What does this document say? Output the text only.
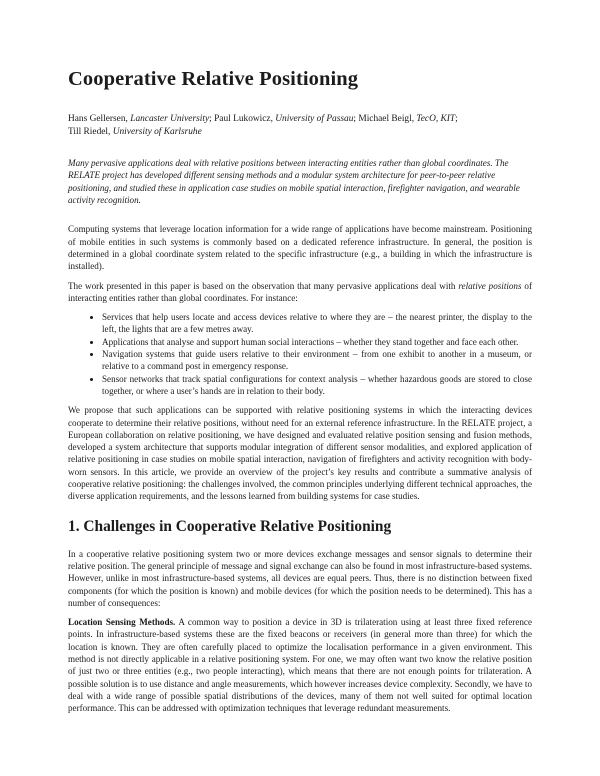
Cooperative Relative Positioning
Hans Gellersen, Lancaster University; Paul Lukowicz, University of Passau; Michael Beigl, TecO, KIT;
Till Riedel, University of Karlsruhe
Many pervasive applications deal with relative positions between interacting entities rather than global coordinates. The RELATE project has developed different sensing methods and a modular system architecture for peer-to-peer relative positioning, and studied these in application case studies on mobile spatial interaction, firefighter navigation, and wearable activity recognition.

Computing systems that leverage location information for a wide range of applications have become mainstream. Positioning of mobile entities in such systems is commonly based on a dedicated reference infrastructure. In general, the position is determined in a global coordinate system related to the specific infrastructure (e.g., a building in which the infrastructure is installed).

The work presented in this paper is based on the observation that many pervasive applications deal with relative positions of interacting entities rather than global coordinates. For instance:

• Services that help users locate and access devices relative to where they are – the nearest printer, the display to the left, the lights that are a few metres away.
• Applications that analyse and support human social interactions – whether they stand together and face each other.
• Navigation systems that guide users relative to their environment – from one exhibit to another in a museum, or relative to a command post in emergency response.
• Sensor networks that track spatial configurations for context analysis – whether hazardous goods are stored to close together, or where a user’s hands are in relation to their body.

We propose that such applications can be supported with relative positioning systems in which the interacting devices cooperate to determine their relative positions, without need for an external reference infrastructure. In the RELATE project, a European collaboration on relative positioning, we have designed and evaluated relative position sensing and fusion methods, developed a system architecture that supports modular integration of different sensor modalities, and explored application of relative positioning in case studies on mobile spatial interaction, navigation of firefighters and activity recognition with body-worn sensors. In this article, we provide an overview of the project’s key results and contribute a summative analysis of cooperative relative positioning: the challenges involved, the common principles underlying different technical approaches, the diverse application requirements, and the lessons learned from building systems for case studies.

1. Challenges in Cooperative Relative Positioning

In a cooperative relative positioning system two or more devices exchange messages and sensor signals to determine their relative position. The general principle of message and signal exchange can also be found in most infrastructure-based systems. However, unlike in most infrastructure-based systems, all devices are equal peers. Thus, there is no distinction between fixed components (for which the position is known) and mobile devices (for which the position needs to be determined). This has a number of consequences:

Location Sensing Methods. A common way to position a device in 3D is trilateration using at least three fixed reference points. In infrastructure-based systems these are the fixed beacons or receivers (in general more than three) for which the location is known. They are often carefully placed to optimize the localisation performance in a given environment. This method is not directly applicable in a relative positioning system. For one, we may often want two know the relative position of just two or three entities (e.g., two people interacting), which means that there are not enough points for trilateration. A possible solution is to use distance and angle measurements, which however increases device complexity. Secondly, we have to deal with a wide range of possible spatial distributions of the devices, many of them not well suited for optimal location performance. This can be addressed with optimization techniques that leverage redundant measurements.
